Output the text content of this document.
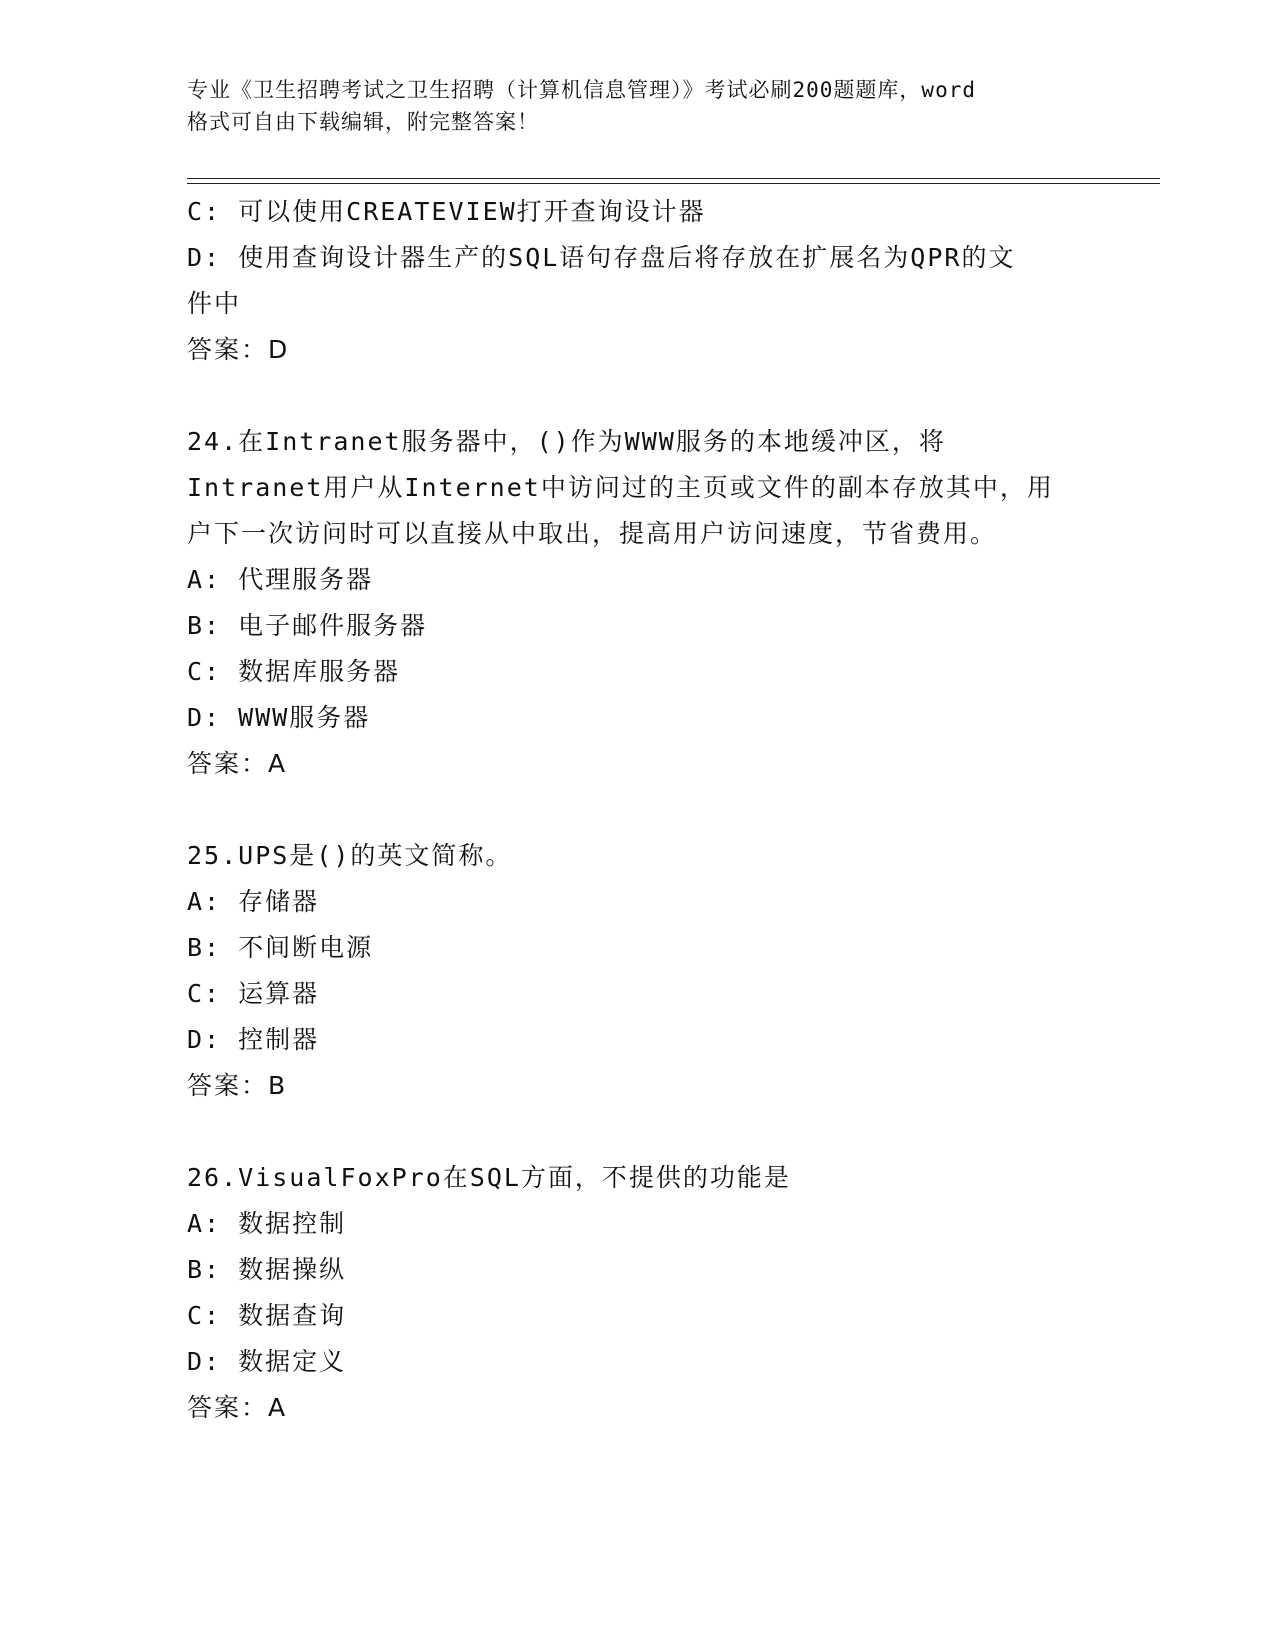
专业《卫生招聘考试之卫生招聘（计算机信息管理）》考试必刷200题题库，word
格式可自由下载编辑，附完整答案！
C: 可以使用CREATEVIEW打开查询设计器
D: 使用查询设计器生产的SQL语句存盘后将存放在扩展名为QPR的文
件中
答案：D
24.在Intranet服务器中，()作为WWW服务的本地缓冲区，将
Intranet用户从Internet中访问过的主页或文件的副本存放其中，用
户下一次访问时可以直接从中取出，提高用户访问速度，节省费用。
A: 代理服务器
B: 电子邮件服务器
C: 数据库服务器
D: WWW服务器
答案：A
25.UPS是()的英文简称。
A: 存储器
B: 不间断电源
C: 运算器
D: 控制器
答案：B
26.VisualFoxPro在SQL方面，不提供的功能是
A: 数据控制
B: 数据操纵
C: 数据查询
D: 数据定义
答案：A
